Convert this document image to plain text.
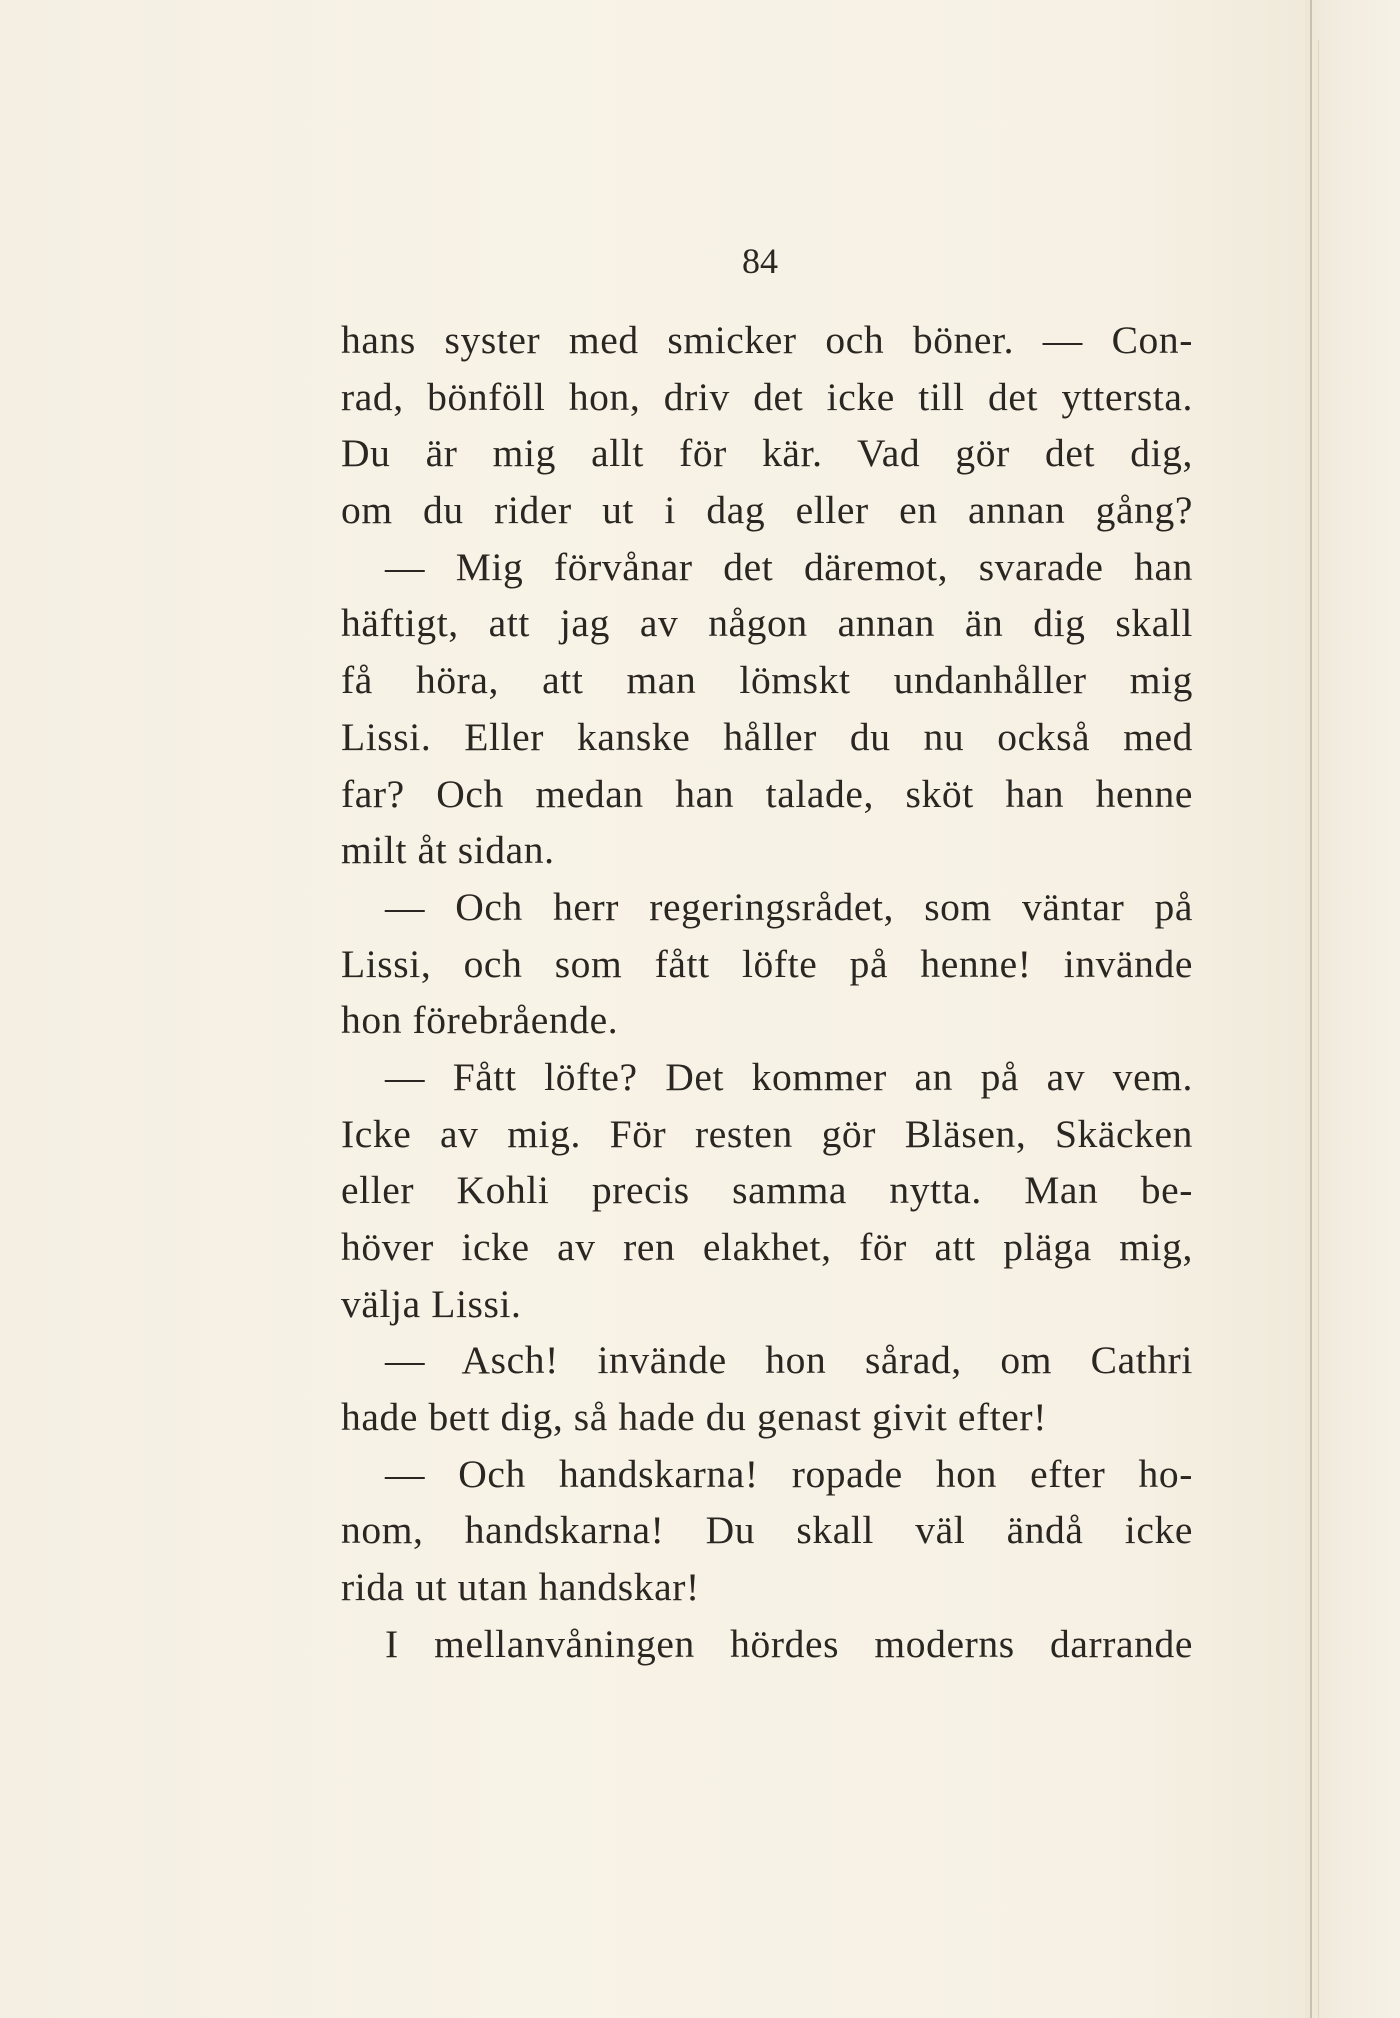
84
hans syster med smicker och böner. — Con-
rad, bönföll hon, driv det icke till det yttersta.
Du är mig allt för kär. Vad gör det dig,
om du rider ut i dag eller en annan gång?
— Mig förvånar det däremot, svarade han
häftigt, att jag av någon annan än dig skall
få höra, att man lömskt undanhåller mig
Lissi. Eller kanske håller du nu också med
far? Och medan han talade, sköt han henne
milt åt sidan.
— Och herr regeringsrådet, som väntar på
Lissi, och som fått löfte på henne! invände
hon förebrående.
— Fått löfte? Det kommer an på av vem.
Icke av mig. För resten gör Bläsen, Skäcken
eller Kohli precis samma nytta. Man be-
höver icke av ren elakhet, för att pläga mig,
välja Lissi.
— Asch! invände hon sårad, om Cathri
hade bett dig, så hade du genast givit efter!
— Och handskarna! ropade hon efter ho-
nom, handskarna! Du skall väl ändå icke
rida ut utan handskar!
I mellanvåningen hördes moderns darrande
